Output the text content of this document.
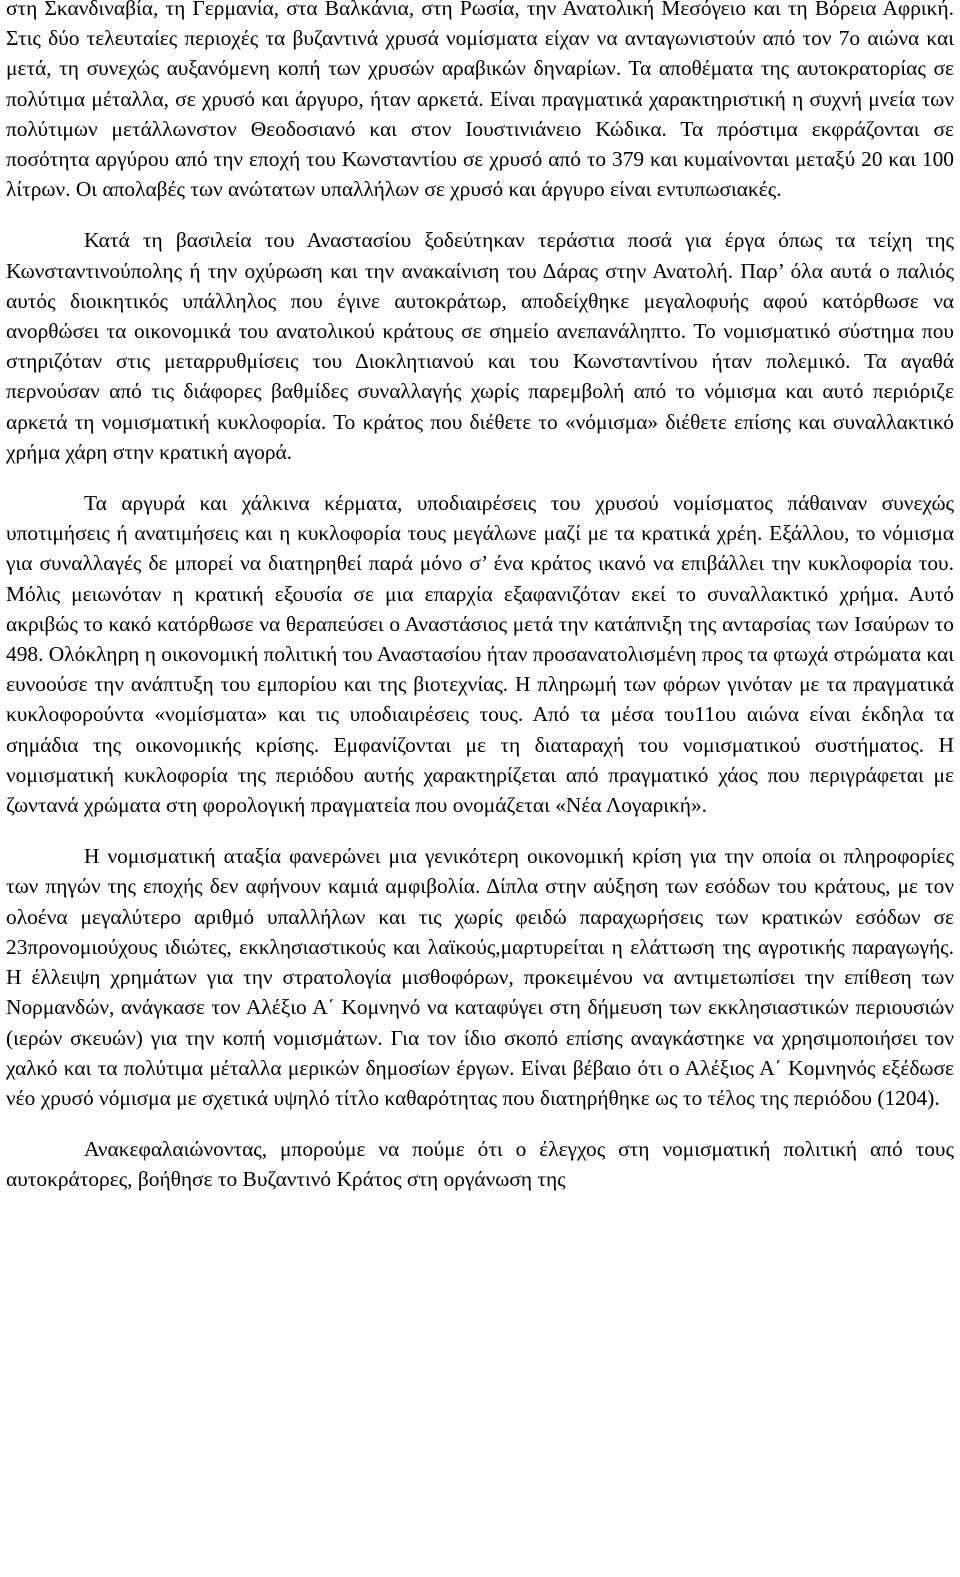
στη Σκανδιναβία, τη Γερμανία, στα Βαλκάνια, στη Ρωσία, την Ανατολική Μεσόγειο και τη Βόρεια Αφρική. Στις δύο τελευταίες περιοχές τα βυζαντινά χρυσά νομίσματα είχαν να ανταγωνιστούν από τον 7ο αιώνα και μετά, τη συνεχώς αυξανόμενη κοπή των χρυσών αραβικών δηναρίων. Τα αποθέματα της αυτοκρατορίας σε πολύτιμα μέταλλα, σε χρυσό και άργυρο, ήταν αρκετά. Είναι πραγματικά χαρακτηριστική η συχνή μνεία των πολύτιμων μετάλλωνστον Θεοδοσιανό και στον Ιουστινιάνειο Κώδικα. Τα πρόστιμα εκφράζονται σε ποσότητα αργύρου από την εποχή του Κωνσταντίου σε χρυσό από το 379 και κυμαίνονται μεταξύ 20 και 100 λίτρων. Οι απολαβές των ανώτατων υπαλλήλων σε χρυσό και άργυρο είναι εντυπωσιακές.

Κατά τη βασιλεία του Αναστασίου ξοδεύτηκαν τεράστια ποσά για έργα όπως τα τείχη της Κωνσταντινούπολης ή την οχύρωση και την ανακαίνιση του Δάρας στην Ανατολή. Παρ’ όλα αυτά ο παλιός αυτός διοικητικός υπάλληλος που έγινε αυτοκράτωρ, αποδείχθηκε μεγαλοφυής αφού κατόρθωσε να ανορθώσει τα οικονομικά του ανατολικού κράτους σε σημείο ανεπανάληπτο. Το νομισματικό σύστημα που στηριζόταν στις μεταρρυθμίσεις του Διοκλητιανού και του Κωνσταντίνου ήταν πολεμικό. Τα αγαθά περνούσαν από τις διάφορες βαθμίδες συναλλαγής χωρίς παρεμβολή από το νόμισμα και αυτό περιόριζε αρκετά τη νομισματική κυκλοφορία. Το κράτος που διέθετε το «νόμισμα» διέθετε επίσης και συναλλακτικό χρήμα χάρη στην κρατική αγορά.

Τα αργυρά και χάλκινα κέρματα, υποδιαιρέσεις του χρυσού νομίσματος πάθαιναν συνεχώς υποτιμήσεις ή ανατιμήσεις και η κυκλοφορία τους μεγάλωνε μαζί με τα κρατικά χρέη. Εξάλλου, το νόμισμα για συναλλαγές δε μπορεί να διατηρηθεί παρά μόνο σ’ ένα κράτος ικανό να επιβάλλει την κυκλοφορία του. Μόλις μειωνόταν η κρατική εξουσία σε μια επαρχία εξαφανιζόταν εκεί το συναλλακτικό χρήμα. Αυτό ακριβώς το κακό κατόρθωσε να θεραπεύσει ο Αναστάσιος μετά την κατάπνιξη της ανταρσίας των Ισαύρων το 498. Ολόκληρη η οικονομική πολιτική του Αναστασίου ήταν προσανατολισμένη προς τα φτωχά στρώματα και ευνοούσε την ανάπτυξη του εμπορίου και της βιοτεχνίας. Η πληρωμή των φόρων γινόταν με τα πραγματικά κυκλοφορούντα «νομίσματα» και τις υποδιαιρέσεις τους. Από τα μέσα του11ου αιώνα είναι έκδηλα τα σημάδια της οικονομικής κρίσης. Εμφανίζονται με τη διαταραχή του νομισματικού συστήματος. Η νομισματική κυκλοφορία της περιόδου αυτής χαρακτηρίζεται από πραγματικό χάος που περιγράφεται με ζωντανά χρώματα στη φορολογική πραγματεία που ονομάζεται «Νέα Λογαρική».

Η νομισματική αταξία φανερώνει μια γενικότερη οικονομική κρίση για την οποία οι πληροφορίες των πηγών της εποχής δεν αφήνουν καμιά αμφιβολία. Δίπλα στην αύξηση των εσόδων του κράτους, με τον ολοένα μεγαλύτερο αριθμό υπαλλήλων και τις χωρίς φειδώ παραχωρήσεις των κρατικών εσόδων σε 23προνομιούχους ιδιώτες, εκκλησιαστικούς και λαϊκούς,μαρτυρείται η ελάττωση της αγροτικής παραγωγής. Η έλλειψη χρημάτων για την στρατολογία μισθοφόρων, προκειμένου να αντιμετωπίσει την επίθεση των Νορμανδών, ανάγκασε τον Αλέξιο Α΄ Κομνηνό να καταφύγει στη δήμευση των εκκλησιαστικών περιουσιών (ιερών σκευών) για την κοπή νομισμάτων. Για τον ίδιο σκοπό επίσης αναγκάστηκε να χρησιμοποιήσει τον χαλκό και τα πολύτιμα μέταλλα μερικών δημοσίων έργων. Είναι βέβαιο ότι ο Αλέξιος Α΄ Κομνηνός εξέδωσε νέο χρυσό νόμισμα με σχετικά υψηλό τίτλο καθαρότητας που διατηρήθηκε ως το τέλος της περιόδου (1204).

Ανακεφαλαιώνοντας, μπορούμε να πούμε ότι ο έλεγχος στη νομισματική πολιτική από τους αυτοκράτορες, βοήθησε το Βυζαντινό Κράτος στη οργάνωση της
